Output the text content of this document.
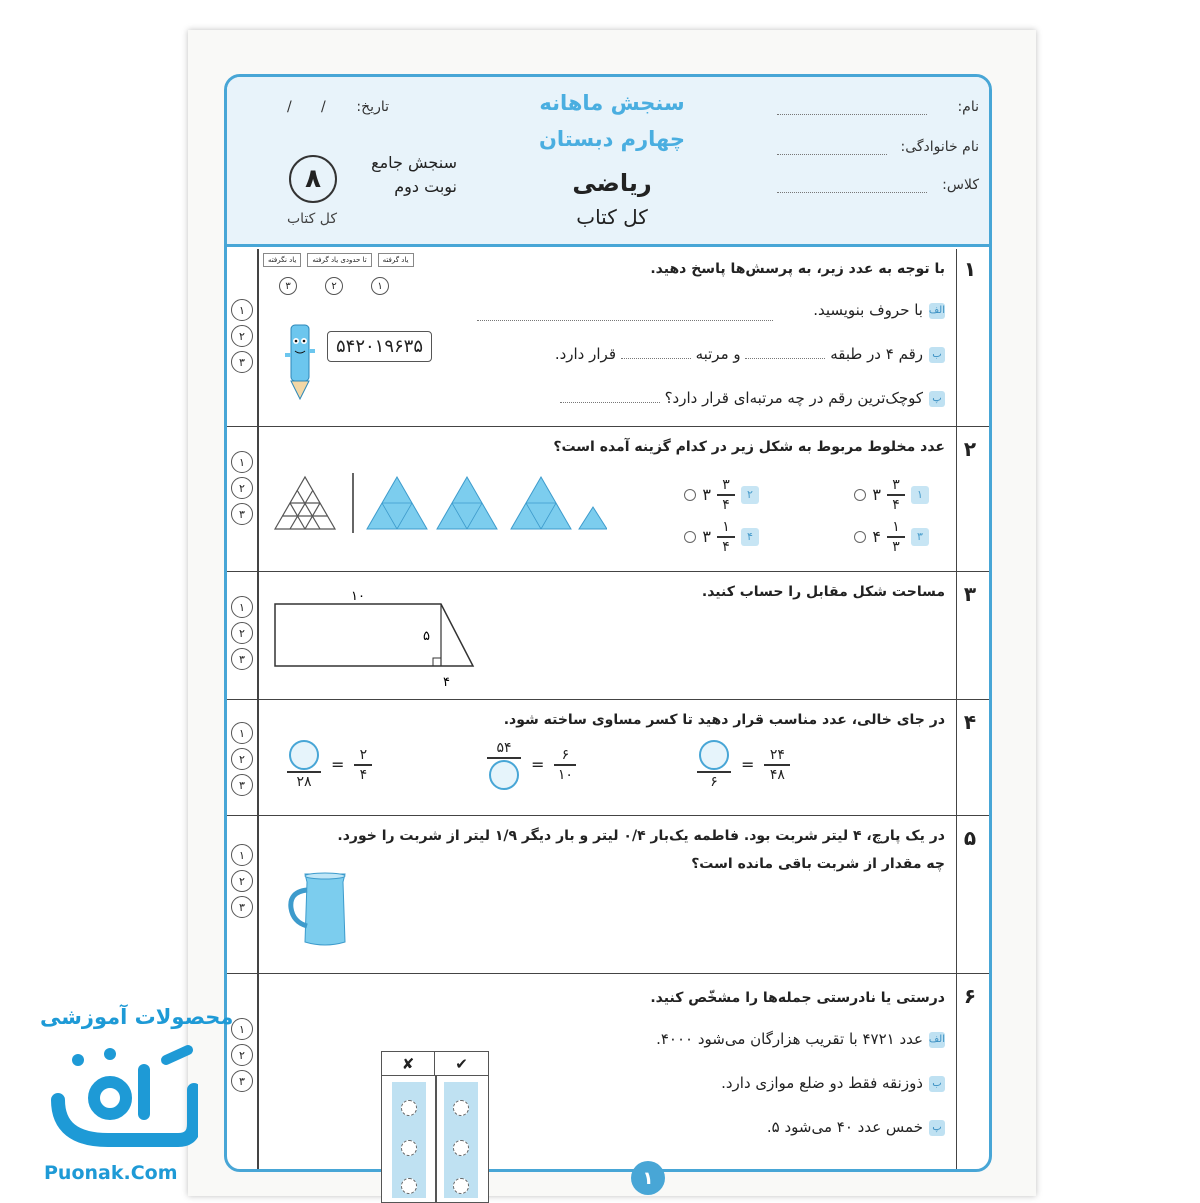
سنجش ماهانه
چهارم دبستان
ریاضی
کل کتاب
نام:
نام خانوادگی:
کلاس:
تاریخ:
/
/
سنجش جامع
نوبت دوم
۸
کل کتاب
یاد نگرفته	تا حدودی یاد گرفته	یاد گرفته
۳	۲	۱
۱
۲
۳
۱
با توجه به عدد زیر، به پرسش‌ها پاسخ دهید.
الفبا حروف بنویسید.
برقم ۴ در طبقه  و مرتبه  قرار دارد.
پکوچک‌ترین رقم در چه مرتبه‌ای قرار دارد؟
۵۴۲۰۱۹۶۳۵
۱
۲
۳
۲
عدد مخلوط مربوط به شکل زیر در کدام گزینه آمده است؟
۱
$\frac{۳}{۴}$
۳
۲
$\frac{۳}{۴}$
۳
۳
$\frac{۱}{۳}$
۴
۴
$\frac{۱}{۴}$
۳
۱
۲
۳
۳
مساحت شکل مقابل را حساب کنید.
۱۰
۵
۴
۱
۲
۳
۴
در جای خالی، عدد مناسب قرار دهید تا کسر مساوی ساخته شود.
۶
= $\frac{۲۴}{۴۸}$
۵۴
= $\frac{۶}{۱۰}$
۲۸
= $\frac{۲}{۴}$
۱
۲
۳
۵
در یک پارچ، ۴ لیتر شربت بود. فاطمه یک‌بار ۰/۴ لیتر و بار دیگر ۱/۹ لیتر از شربت را خورد.
چه مقدار از شربت باقی مانده است؟
۱
۲
۳
۶
درستی یا نادرستی جمله‌ها را مشخّص کنید.
الفعدد ۴۷۲۱ با تقریب هزارگان می‌شود ۴۰۰۰.
بذوزنقه فقط دو ضلع موازی دارد.
پخمس عدد ۴۰ می‌شود ۵.
✘	✔
۱
محصولات آموزشی
Puonak.Com
